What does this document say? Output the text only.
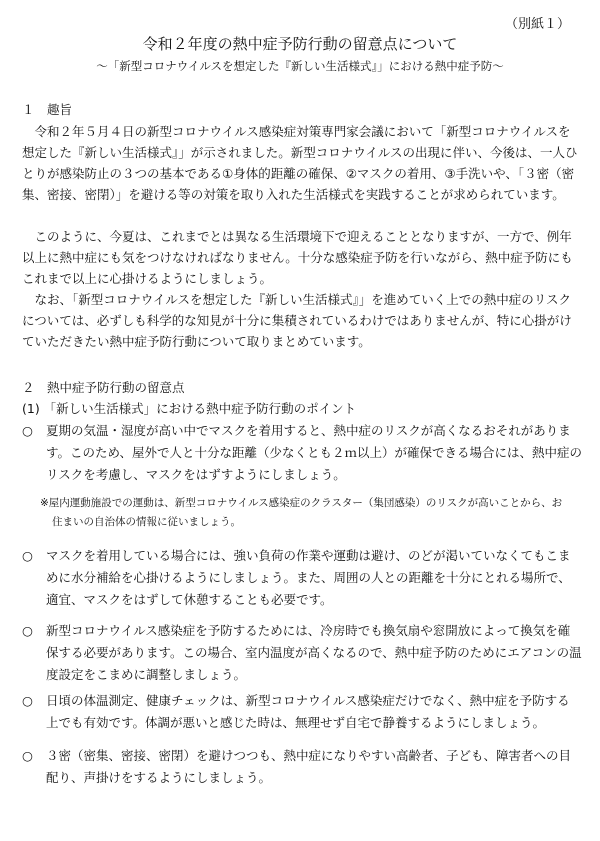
（別紙１）
令和２年度の熱中症予防行動の留意点について
～「新型コロナウイルスを想定した『新しい生活様式』」における熱中症予防～
１　趣旨

令和２年５月４日の新型コロナウイルス感染症対策専門家会議において「新型コロナウイルスを想定した『新しい生活様式』」が示されました。新型コロナウイルスの出現に伴い、今後は、一人ひとりが感染防止の３つの基本である①身体的距離の確保、②マスクの着用、③手洗いや、「３密（密集、密接、密閉）」を避ける等の対策を取り入れた生活様式を実践することが求められています。

このように、今夏は、これまでとは異なる生活環境下で迎えることとなりますが、一方で、例年以上に熱中症にも気をつけなければなりません。十分な感染症予防を行いながら、熱中症予防にもこれまで以上に心掛けるようにしましょう。

なお、「新型コロナウイルスを想定した『新しい生活様式』」を進めていく上での熱中症のリスクについては、必ずしも科学的な知見が十分に集積されているわけではありませんが、特に心掛がけていただきたい熱中症予防行動について取りまとめています。

２　熱中症予防行動の留意点
(1) 「新しい生活様式」における熱中症予防行動のポイント
○	夏期の気温・湿度が高い中でマスクを着用すると、熱中症のリスクが高くなるおそれがあります。このため、屋外で人と十分な距離（少なくとも２ｍ以上）が確保できる場合には、熱中症のリスクを考慮し、マスクをはずすようにしましょう。

※屋内運動施設での運動は、新型コロナウイルス感染症のクラスター（集団感染）のリスクが高いことから、お住まいの自治体の情報に従いましょう。

○	マスクを着用している場合には、強い負荷の作業や運動は避け、のどが渇いていなくてもこまめに水分補給を心掛けるようにしましょう。また、周囲の人との距離を十分にとれる場所で、適宜、マスクをはずして休憩することも必要です。
○	新型コロナウイルス感染症を予防するためには、冷房時でも換気扇や窓開放によって換気を確保する必要があります。この場合、室内温度が高くなるので、熱中症予防のためにエアコンの温度設定をこまめに調整しましょう。
○	日頃の体温測定、健康チェックは、新型コロナウイルス感染症だけでなく、熱中症を予防する上でも有効です。体調が悪いと感じた時は、無理せず自宅で静養するようにしましょう。
○	３密（密集、密接、密閉）を避けつつも、熱中症になりやすい高齢者、子ども、障害者への目配り、声掛けをするようにしましょう。
